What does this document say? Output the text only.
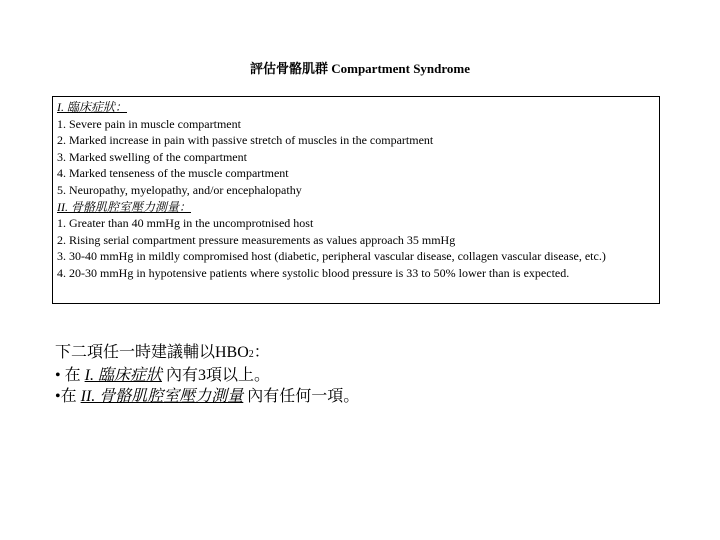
評估骨骼肌群 Compartment Syndrome
I. 臨床症狀：
1. Severe pain in muscle compartment
2. Marked increase in pain with passive stretch of muscles in the compartment
3. Marked swelling of the compartment
4. Marked tenseness of the muscle compartment
5. Neuropathy, myelopathy, and/or encephalopathy
II. 骨骼肌腔室壓力測量：
1. Greater than 40 mmHg in the uncomprotnised host
2. Rising serial compartment pressure measurements as values approach 35 mmHg
3. 30-40 mmHg in mildly compromised host (diabetic, peripheral vascular disease, collagen vascular disease, etc.)
4. 20-30 mmHg in hypotensive patients where systolic blood pressure is 33 to 50% lower than is expected.
下二項任一時建議輔以HBO2：
• 在 I. 臨床症狀 內有3項以上。
•在 II. 骨骼肌腔室壓力測量 內有任何一項。
